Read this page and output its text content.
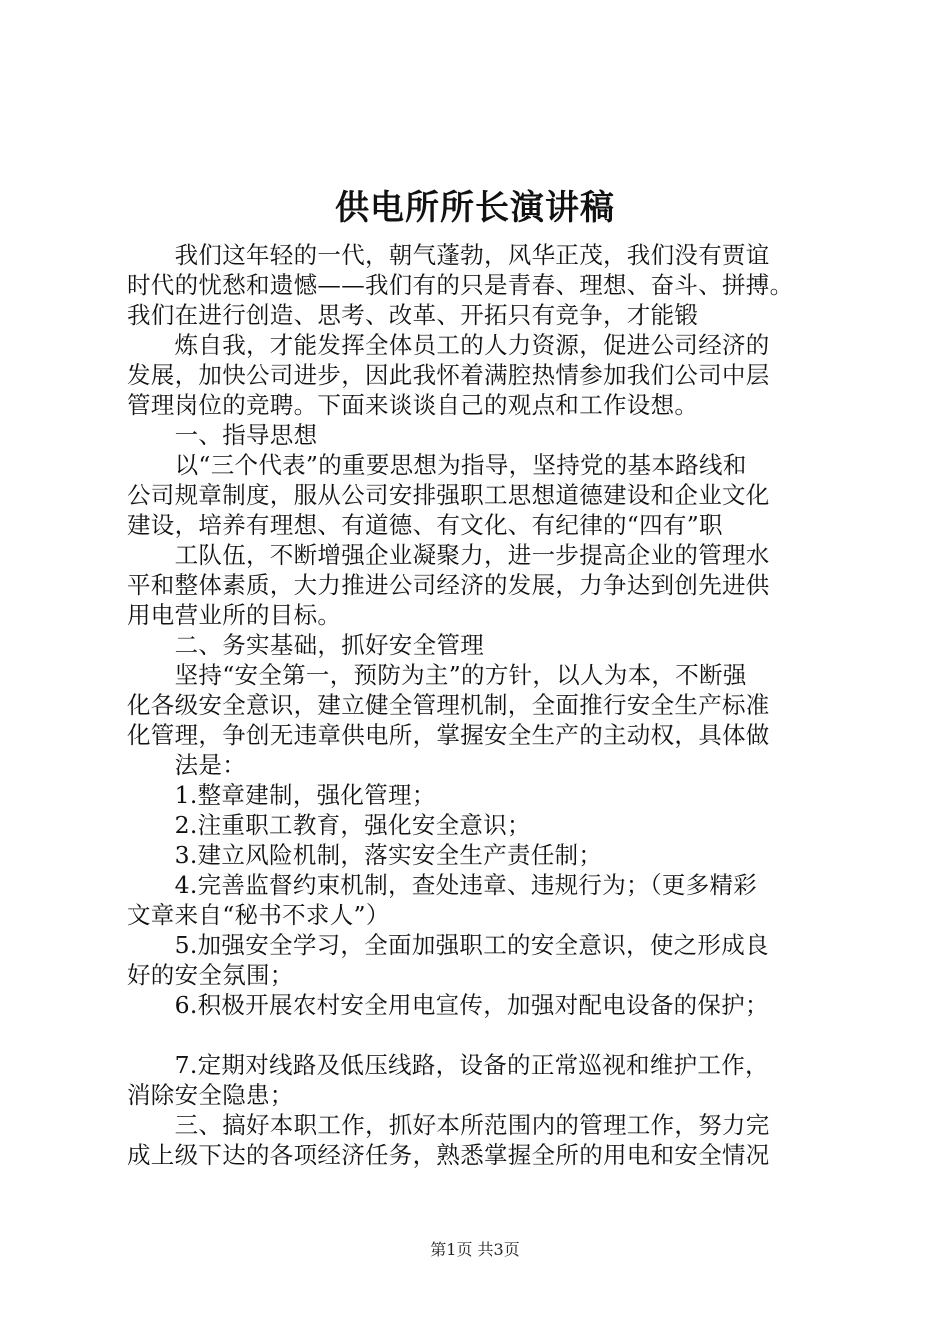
供电所所长演讲稿
　　我们这年轻的一代，朝气蓬勃，风华正茂，我们没有贾谊
时代的忧愁和遗憾——我们有的只是青春、理想、奋斗、拼搏。
我们在进行创造、思考、改革、开拓只有竞争，才能锻
　　炼自我，才能发挥全体员工的人力资源，促进公司经济的
发展，加快公司进步，因此我怀着满腔热情参加我们公司中层
管理岗位的竞聘。下面来谈谈自己的观点和工作设想。
　　一、指导思想
　　以“三个代表”的重要思想为指导，坚持党的基本路线和
公司规章制度，服从公司安排强职工思想道德建设和企业文化
建设，培养有理想、有道德、有文化、有纪律的“四有”职
　　工队伍，不断增强企业凝聚力，进一步提高企业的管理水
平和整体素质，大力推进公司经济的发展，力争达到创先进供
用电营业所的目标。
　　二、务实基础，抓好安全管理
　　坚持“安全第一，预防为主”的方针，以人为本，不断强
化各级安全意识，建立健全管理机制，全面推行安全生产标准
化管理，争创无违章供电所，掌握安全生产的主动权，具体做
　　法是：
　　1.整章建制，强化管理；
　　2.注重职工教育，强化安全意识；
　　3.建立风险机制，落实安全生产责任制；
　　4.完善监督约束机制，查处违章、违规行为；（更多精彩
文章来自“秘书不求人”）
　　5.加强安全学习，全面加强职工的安全意识，使之形成良
好的安全氛围；
　　6.积极开展农村安全用电宣传，加强对配电设备的保护；
　　7.定期对线路及低压线路，设备的正常巡视和维护工作，
消除安全隐患；
　　三、搞好本职工作，抓好本所范围内的管理工作，努力完
成上级下达的各项经济任务，熟悉掌握全所的用电和安全情况
第1页 共3页
